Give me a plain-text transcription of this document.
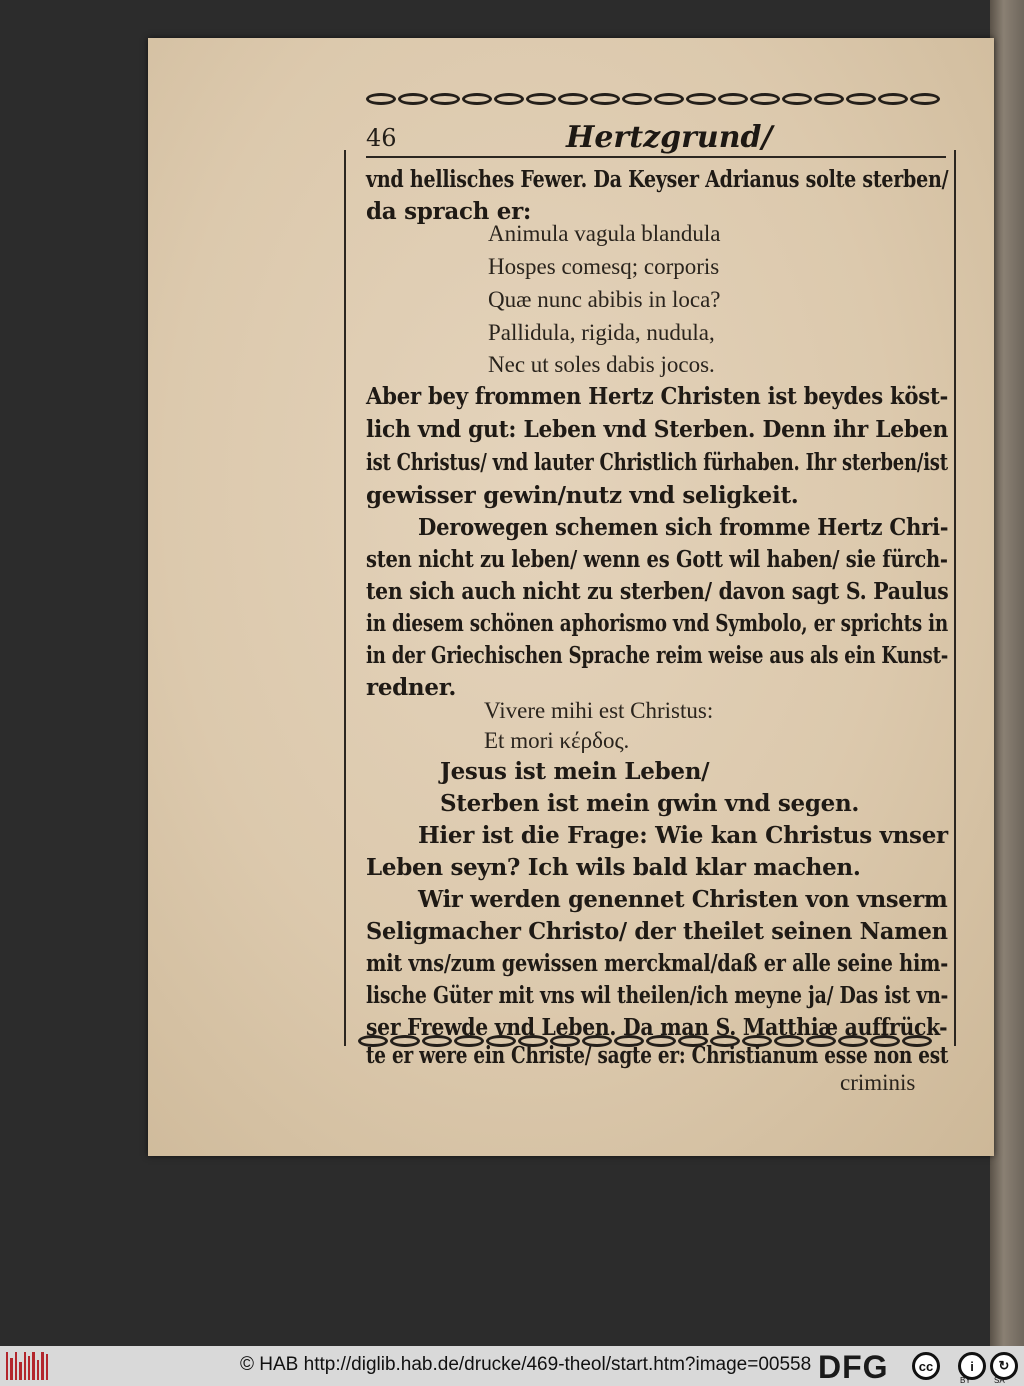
46	Hertzgrund/
vnd hellisches Fewer. Da Keyser Adrianus solte sterben/
da sprach er:
Animula vagula blandula
Hospes comesq; corporis
Quæ nunc abibis in loca?
Pallidula, rigida, nudula,
Nec ut soles dabis jocos.
Aber bey frommen Hertz Christen ist beydes köst-
lich vnd gut: Leben vnd Sterben. Denn ihr Leben
ist Christus/ vnd lauter Christlich fürhaben. Ihr sterben/ist
gewisser gewin/nutz vnd seligkeit.
Derowegen schemen sich fromme Hertz Chri-
sten nicht zu leben/ wenn es Gott wil haben/ sie fürch-
ten sich auch nicht zu sterben/ davon sagt S. Paulus
in diesem schönen aphorismo vnd Symbolo, er sprichts in
in der Griechischen Sprache reim weise aus als ein Kunst-
redner.
Vivere mihi est Christus:
Et mori κέρδος.
Jesus ist mein Leben/
Sterben ist mein gwin vnd segen.
Hier ist die Frage: Wie kan Christus vnser
Leben seyn? Ich wils bald klar machen.
Wir werden genennet Christen von vnserm
Seligmacher Christo/ der theilet seinen Namen
mit vns/zum gewissen merckmal/daß er alle seine him-
lische Güter mit vns wil theilen/ich meyne ja/ Das ist vn-
ser Frewde vnd Leben. Da man S. Matthiæ auffrück-
te er were ein Christe/ sagte er: Christianum esse non est
criminis
© HAB http://diglib.hab.de/drucke/469-theol/start.htm?image=00558 DFG	cc	i	↻
BY	SA
